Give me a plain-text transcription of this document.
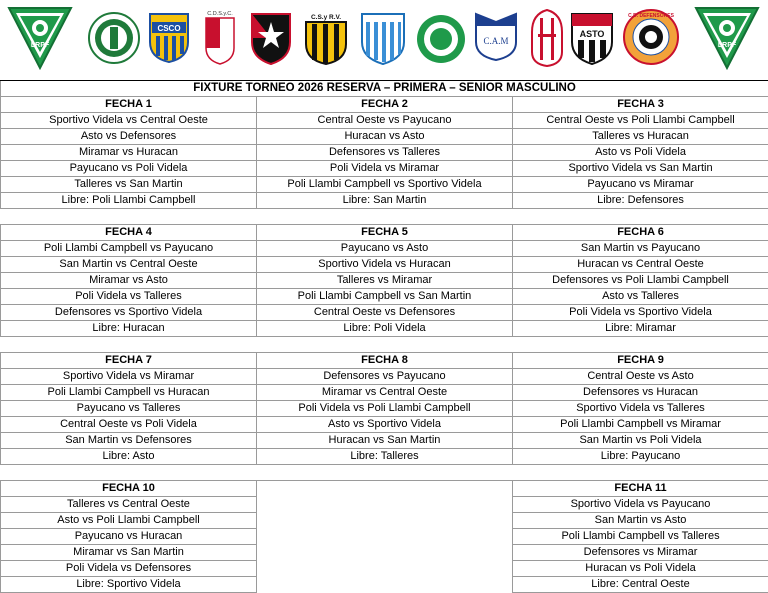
LRPF
CSCO
C.D.S.y.C.	C.S.y R.V.
C.A.M
ASTO
C.D. DEFENSORES
LRPF
FIXTURE TORNEO 2026 RESERVA – PRIMERA – SENIOR MASCULINO		
FECHA 1	FECHA 2	FECHA 3
Sportivo Videla vs Central Oeste	Central Oeste vs Payucano	Central Oeste vs Poli Llambi Campbell
Asto vs Defensores	Huracan vs Asto	Talleres vs Huracan
Miramar vs Huracan	Defensores vs Talleres	Asto vs Poli Videla
Payucano vs Poli Videla	Poli Videla vs Miramar	Sportivo Videla vs San Martin
Talleres vs San Martin	Poli Llambi Campbell vs Sportivo Videla	Payucano vs Miramar
Libre: Poli Llambi Campbell	Libre: San Martin	Libre: Defensores

FECHA 4	FECHA 5	FECHA 6
Poli Llambi Campbell vs Payucano	Payucano vs Asto	San Martin vs Payucano
San Martin vs Central Oeste	Sportivo Videla vs Huracan	Huracan vs Central Oeste
Miramar vs Asto	Talleres vs Miramar	Defensores vs Poli Llambi Campbell
Poli Videla vs Talleres	Poli Llambi Campbell vs San Martin	Asto vs Talleres
Defensores vs Sportivo Videla	Central Oeste vs Defensores	Poli Videla vs Sportivo Videla
Libre: Huracan	Libre: Poli Videla	Libre: Miramar

FECHA 7	FECHA 8	FECHA 9
Sportivo Videla vs Miramar	Defensores vs Payucano	Central Oeste vs Asto
Poli Llambi Campbell vs Huracan	Miramar vs Central Oeste	Defensores vs Huracan
Payucano vs Talleres	Poli Videla vs Poli Llambi Campbell	Sportivo Videla vs Talleres
Central Oeste vs Poli Videla	Asto vs Sportivo Videla	Poli Llambi Campbell vs Miramar
San Martin vs Defensores	Huracan vs San Martin	San Martin vs Poli Videla
Libre: Asto	Libre: Talleres	Libre: Payucano

FECHA 10		FECHA 11
Talleres vs Central Oeste		Sportivo Videla vs Payucano
Asto vs Poli Llambi Campbell		San Martin vs Asto
Payucano vs Huracan		Poli Llambi Campbell vs Talleres
Miramar vs San Martin		Defensores vs Miramar
Poli Videla vs Defensores		Huracan vs Poli Videla
Libre: Sportivo Videla		Libre: Central Oeste
